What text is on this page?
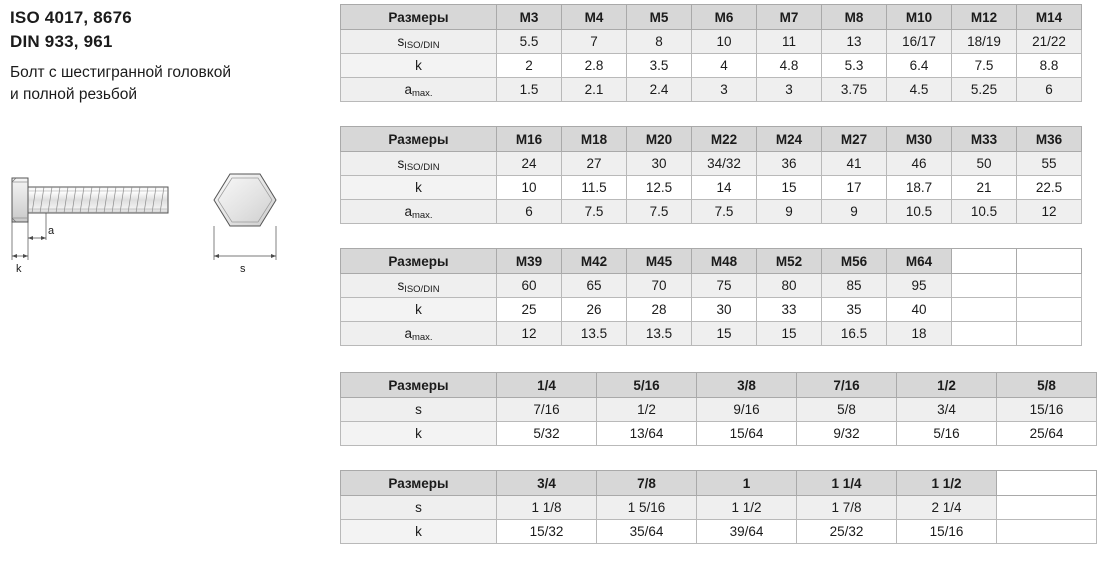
ISO 4017, 8676
DIN 933, 961
Болт с шестигранной головкой
и полной резьбой
a
k	s
Размеры	M3	M4	M5	M6	M7	M8	M10	M12	M14
sISO/DIN	5.5	7	8	10	11	13	16/17	18/19	21/22
k	2	2.8	3.5	4	4.8	5.3	6.4	7.5	8.8
amax.	1.5	2.1	2.4	3	3	3.75	4.5	5.25	6
Размеры	M16	M18	M20	M22	M24	M27	M30	M33	M36
sISO/DIN	24	27	30	34/32	36	41	46	50	55
k	10	11.5	12.5	14	15	17	18.7	21	22.5
amax.	6	7.5	7.5	7.5	9	9	10.5	10.5	12
Размеры	M39	M42	M45	M48	M52	M56	M64		
sISO/DIN	60	65	70	75	80	85	95		
k	25	26	28	30	33	35	40		
amax.	12	13.5	13.5	15	15	16.5	18		
Размеры	1/4	5/16	3/8	7/16	1/2	5/8
s	7/16	1/2	9/16	5/8	3/4	15/16
k	5/32	13/64	15/64	9/32	5/16	25/64
Размеры	3/4	7/8	1	1 1/4	1 1/2	
s	1 1/8	1 5/16	1 1/2	1 7/8	2 1/4	
k	15/32	35/64	39/64	25/32	15/16	
